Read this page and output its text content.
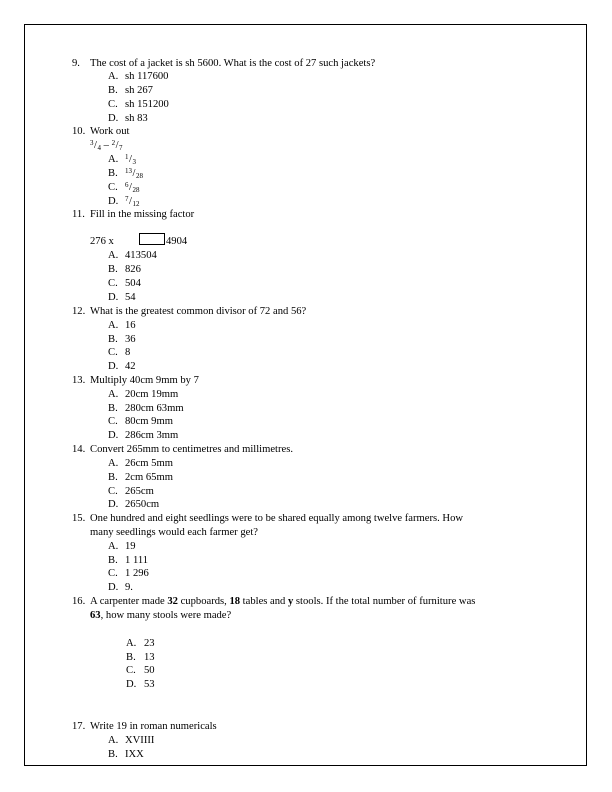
9. The cost of a jacket is sh 5600. What is the cost of 27 such jackets?
A. sh 117600
B. sh 267
C. sh 151200
D. sh 83
10. Work out
$^3/_4 - ^2/_7$
A. $^1/_3$
B. $^{13}/_{28}$
C. $^6/_{28}$
D. $^7/_{12}$
11. Fill in the missing factor
276 x	4904
A. 413504
B. 826
C. 504
D. 54
12. What is the greatest common divisor of 72 and 56?
A. 16
B. 36
C. 8
D. 42
13. Multiply 40cm 9mm by 7
A. 20cm 19mm
B. 280cm 63mm
C. 80cm 9mm
D. 286cm 3mm
14. Convert 265mm to centimetres and millimetres.
A. 26cm 5mm
B. 2cm 65mm
C. 265cm
D. 2650cm
15. One hundred and eight seedlings were to be shared equally among twelve farmers. How
many seedlings would each farmer get?
A. 19
B. 1 111
C. 1 296
D. 9.
16. A carpenter made 32 cupboards, 18 tables and y stools. If the total number of furniture was
63, how many stools were made?
A. 23
B. 13
C. 50
D. 53
17. Write 19 in roman numericals
A. XVIIII
B. IXX
